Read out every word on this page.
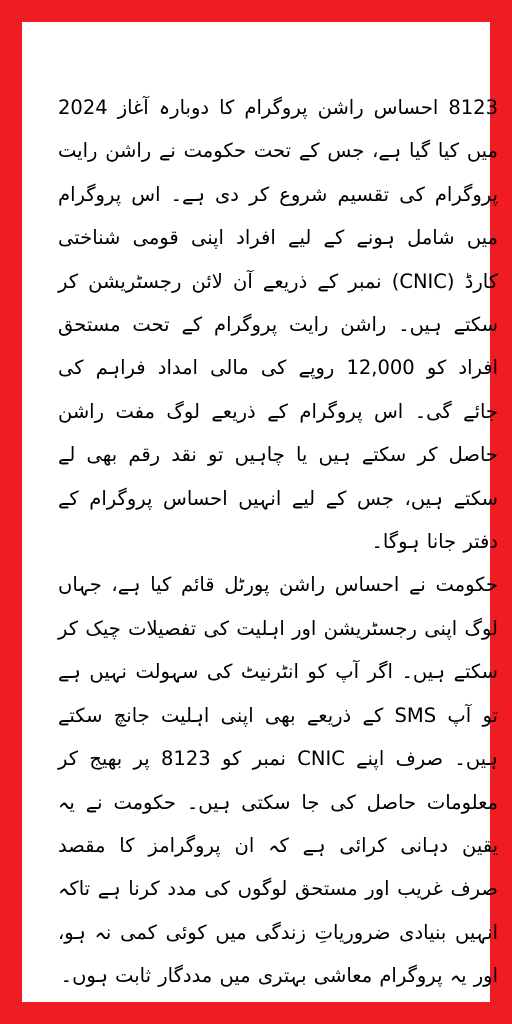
8123 احساس راشن پروگرام کا دوبارہ آغاز 2024 میں کیا گیا ہے، جس کے تحت حکومت نے راشن رایت پروگرام کی تقسیم شروع کر دی ہے۔ اس پروگرام میں شامل ہونے کے لیے افراد اپنی قومی شناختی کارڈ (CNIC) نمبر کے ذریعے آن لائن رجسٹریشن کر سکتے ہیں۔ راشن رایت پروگرام کے تحت مستحق افراد کو 12,000 روپے کی مالی امداد فراہم کی جائے گی۔ اس پروگرام کے ذریعے لوگ مفت راشن حاصل کر سکتے ہیں یا چاہیں تو نقد رقم بھی لے سکتے ہیں، جس کے لیے انہیں احساس پروگرام کے دفتر جانا ہوگا۔

حکومت نے احساس راشن پورٹل قائم کیا ہے، جہاں لوگ اپنی رجسٹریشن اور اہلیت کی تفصیلات چیک کر سکتے ہیں۔ اگر آپ کو انٹرنیٹ کی سہولت نہیں ہے تو آپ SMS کے ذریعے بھی اپنی اہلیت جانچ سکتے ہیں۔ صرف اپنے CNIC نمبر کو 8123 پر بھیج کر معلومات حاصل کی جا سکتی ہیں۔ حکومت نے یہ یقین دہانی کرائی ہے کہ ان پروگرامز کا مقصد صرف غریب اور مستحق لوگوں کی مدد کرنا ہے تاکہ انہیں بنیادی ضروریاتِ زندگی میں کوئی کمی نہ ہو، اور یہ پروگرام معاشی بہتری میں مددگار ثابت ہوں۔
